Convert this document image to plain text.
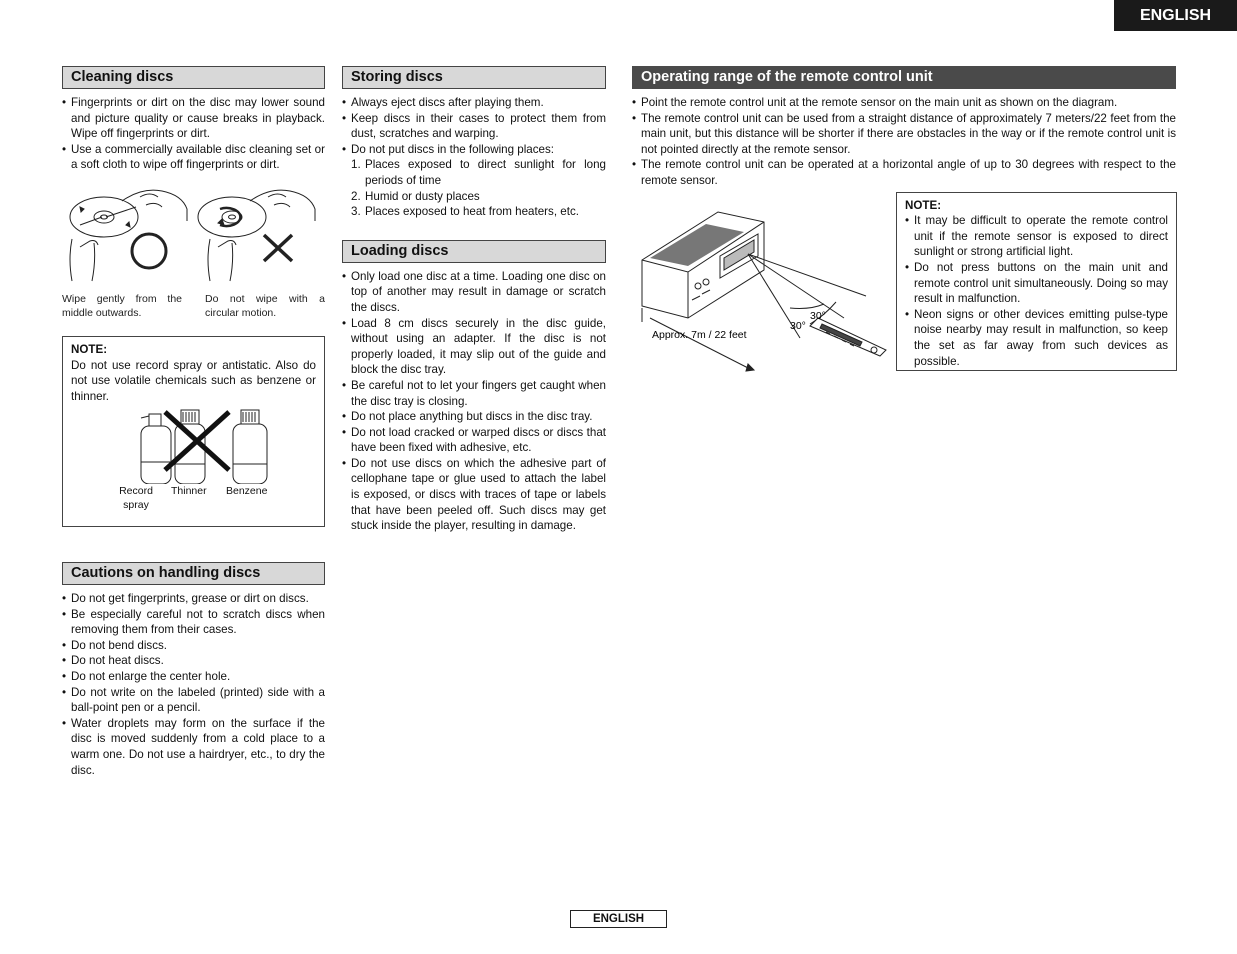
ENGLISH
Cleaning discs
• Fingerprints or dirt on the disc may lower sound and picture quality or cause breaks in playback. Wipe off fingerprints or dirt.
• Use a commercially available disc cleaning set or a soft cloth to wipe off fingerprints or dirt.
Wipe gently from the middle outwards.
Do not wipe with a circular motion.
NOTE:
Do not use record spray or antistatic. Also do not use volatile chemicals such as benzene or thinner.
Record spray
Thinner Benzene
Cautions on handling discs
• Do not get fingerprints, grease or dirt on discs.
• Be especially careful not to scratch discs when removing them from their cases.
• Do not bend discs.
• Do not heat discs.
• Do not enlarge the center hole.
• Do not write on the labeled (printed) side with a ball-point pen or a pencil.
• Water droplets may form on the surface if the disc is moved suddenly from a cold place to a warm one. Do not use a hairdryer, etc., to dry the disc.
Storing discs
• Always eject discs after playing them.
• Keep discs in their cases to protect them from dust, scratches and warping.
• Do not put discs in the following places:
1. Places exposed to direct sunlight for long periods of time
2. Humid or dusty places
3. Places exposed to heat from heaters, etc.
Loading discs
• Only load one disc at a time. Loading one disc on top of another may result in damage or scratch the discs.
• Load 8 cm discs securely in the disc guide, without using an adapter. If the disc is not properly loaded, it may slip out of the guide and block the disc tray.
• Be careful not to let your fingers get caught when the disc tray is closing.
• Do not place anything but discs in the disc tray.
• Do not load cracked or warped discs or discs that have been fixed with adhesive, etc.
• Do not use discs on which the adhesive part of cellophane tape or glue used to attach the label is exposed, or discs with traces of tape or labels that have been peeled off. Such discs may get stuck inside the player, resulting in damage.
Operating range of the remote control unit
• Point the remote control unit at the remote sensor on the main unit as shown on the diagram.
• The remote control unit can be used from a straight distance of approximately 7 meters/22 feet from the main unit, but this distance will be shorter if there are obstacles in the way or if the remote control unit is not pointed directly at the remote sensor.
• The remote control unit can be operated at a horizontal angle of up to 30 degrees with respect to the remote sensor.
30°
30°
Approx. 7m / 22 feet
NOTE:
• It may be difficult to operate the remote control unit if the remote sensor is exposed to direct sunlight or strong artificial light.
• Do not press buttons on the main unit and remote control unit simultaneously. Doing so may result in malfunction.
• Neon signs or other devices emitting pulse-type noise nearby may result in malfunction, so keep the set as far away from such devices as possible.
ENGLISH
